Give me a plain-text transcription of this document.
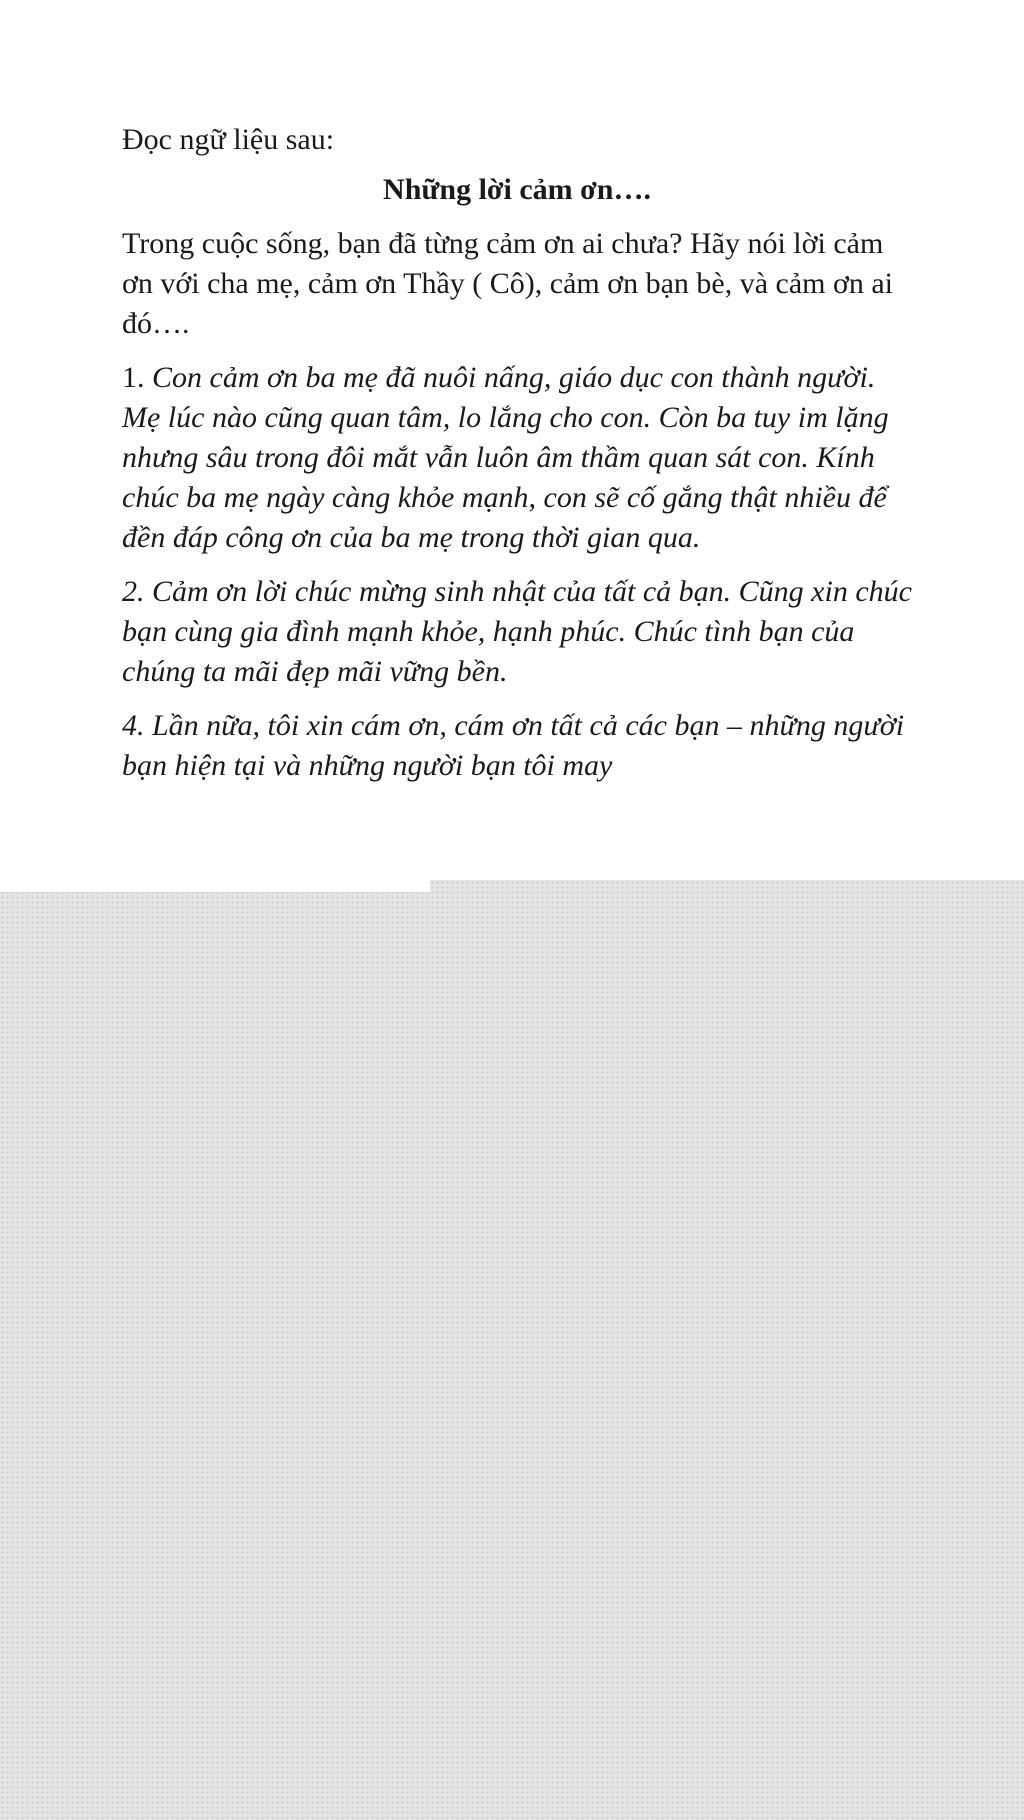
Đọc ngữ liệu sau:

Những lời cảm ơn….

Trong cuộc sống, bạn đã từng cảm ơn ai chưa? Hãy nói lời cảm ơn với cha mẹ, cảm ơn Thầy ( Cô), cảm ơn bạn bè, và cảm ơn ai đó….

1. Con cảm ơn ba mẹ đã nuôi nấng, giáo dục con thành người. Mẹ lúc nào cũng quan tâm, lo lắng cho con. Còn ba tuy im lặng nhưng sâu trong đôi mắt vẫn luôn âm thầm quan sát con. Kính chúc ba mẹ ngày càng khỏe mạnh, con sẽ cố gắng thật nhiều để đền đáp công ơn của ba mẹ trong thời gian qua.

2. Cảm ơn lời chúc mừng sinh nhật của tất cả bạn. Cũng xin chúc bạn cùng gia đình mạnh khỏe, hạnh phúc. Chúc tình bạn của chúng ta mãi đẹp mãi vững bền.

4. Lần nữa, tôi xin cám ơn, cám ơn tất cả các bạn – những người bạn hiện tại và những người bạn tôi may
